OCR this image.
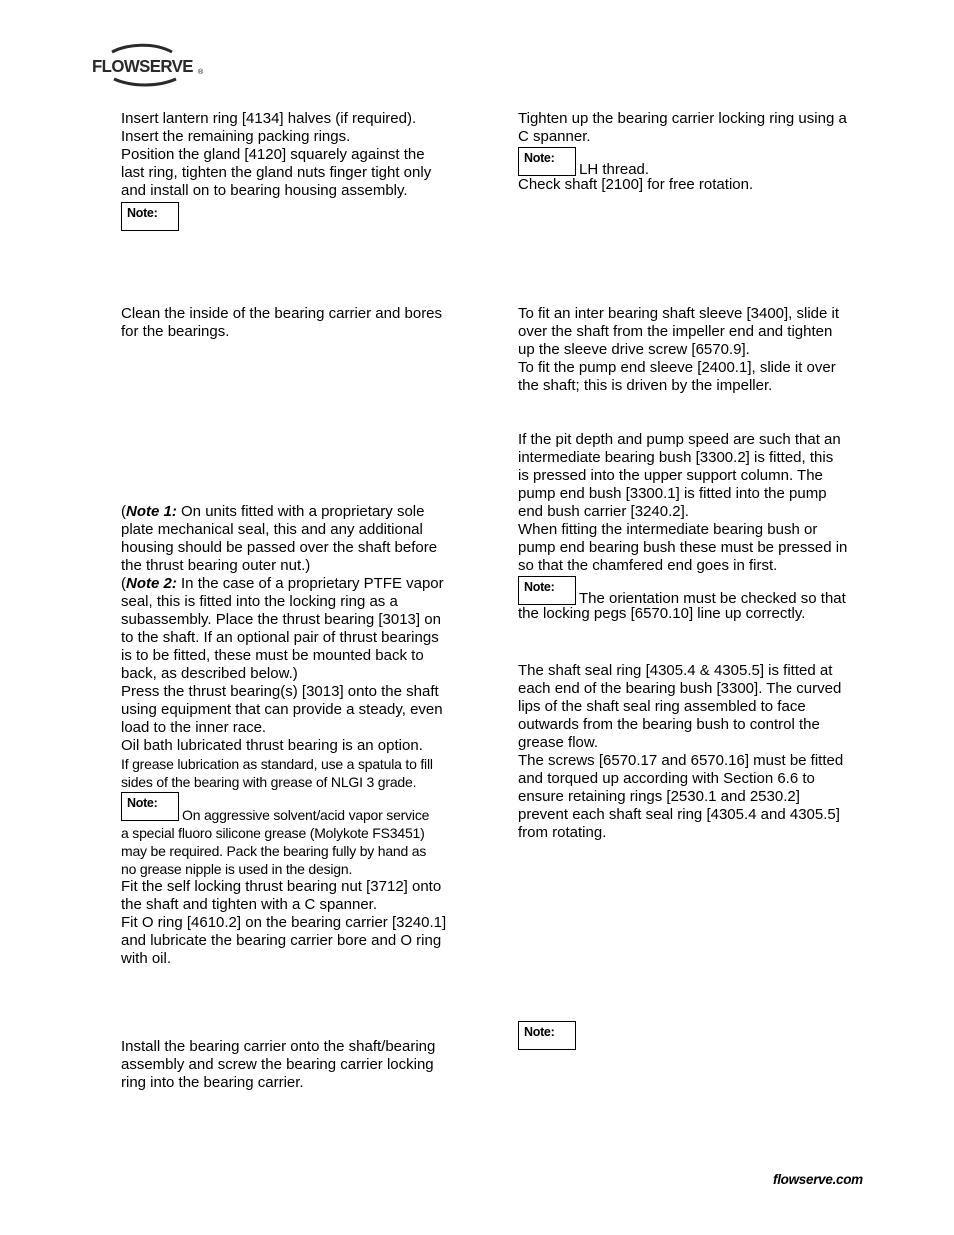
FLOWSERVE ®

Insert lantern ring [4134] halves (if required).

Insert the remaining packing rings.

Position the gland [4120] squarely against the

last ring, tighten the gland nuts finger tight only

and install on to bearing housing assembly.

Note:

Clean the inside of the bearing carrier and bores

for the bearings.

(Note 1: On units fitted with a proprietary sole

plate mechanical seal, this and any additional

housing should be passed over the shaft before

the thrust bearing outer nut.)

(Note 2: In the case of a proprietary PTFE vapor

seal, this is fitted into the locking ring as a

subassembly. Place the thrust bearing [3013] on

to the shaft. If an optional pair of thrust bearings

is to be fitted, these must be mounted back to

back, as described below.)

Press the thrust bearing(s) [3013] onto the shaft

using equipment that can provide a steady, even

load to the inner race.

Oil bath lubricated thrust bearing is an option.

If grease lubrication as standard, use a spatula to fill

sides of the bearing with grease of NLGI 3 grade.

Note:
On aggressive solvent/acid vapor service

a special fluoro silicone grease (Molykote FS3451)

may be required. Pack the bearing fully by hand as

no grease nipple is used in the design.

Fit the self locking thrust bearing nut [3712] onto

the shaft and tighten with a C spanner.

Fit O ring [4610.2] on the bearing carrier [3240.1]

and lubricate the bearing carrier bore and O ring

with oil.

Install the bearing carrier onto the shaft/bearing

assembly and screw the bearing carrier locking

ring into the bearing carrier.

Tighten up the bearing carrier locking ring using a

C spanner.

Note:
LH thread.

Check shaft [2100] for free rotation.

To fit an inter bearing shaft sleeve [3400], slide it

over the shaft from the impeller end and tighten

up the sleeve drive screw [6570.9].

To fit the pump end sleeve [2400.1], slide it over

the shaft; this is driven by the impeller.

If the pit depth and pump speed are such that an

intermediate bearing bush [3300.2] is fitted, this

is pressed into the upper support column. The

pump end bush [3300.1] is fitted into the pump

end bush carrier [3240.2].

When fitting the intermediate bearing bush or

pump end bearing bush these must be pressed in

so that the chamfered end goes in first.

Note:
The orientation must be checked so that

the locking pegs [6570.10] line up correctly.

The shaft seal ring [4305.4 & 4305.5] is fitted at

each end of the bearing bush [3300]. The curved

lips of the shaft seal ring assembled to face

outwards from the bearing bush to control the

grease flow.

The screws [6570.17 and 6570.16] must be fitted

and torqued up according with Section 6.6 to

ensure retaining rings [2530.1 and 2530.2]

prevent each shaft seal ring [4305.4 and 4305.5]

from rotating.

Note:
flowserve.com
